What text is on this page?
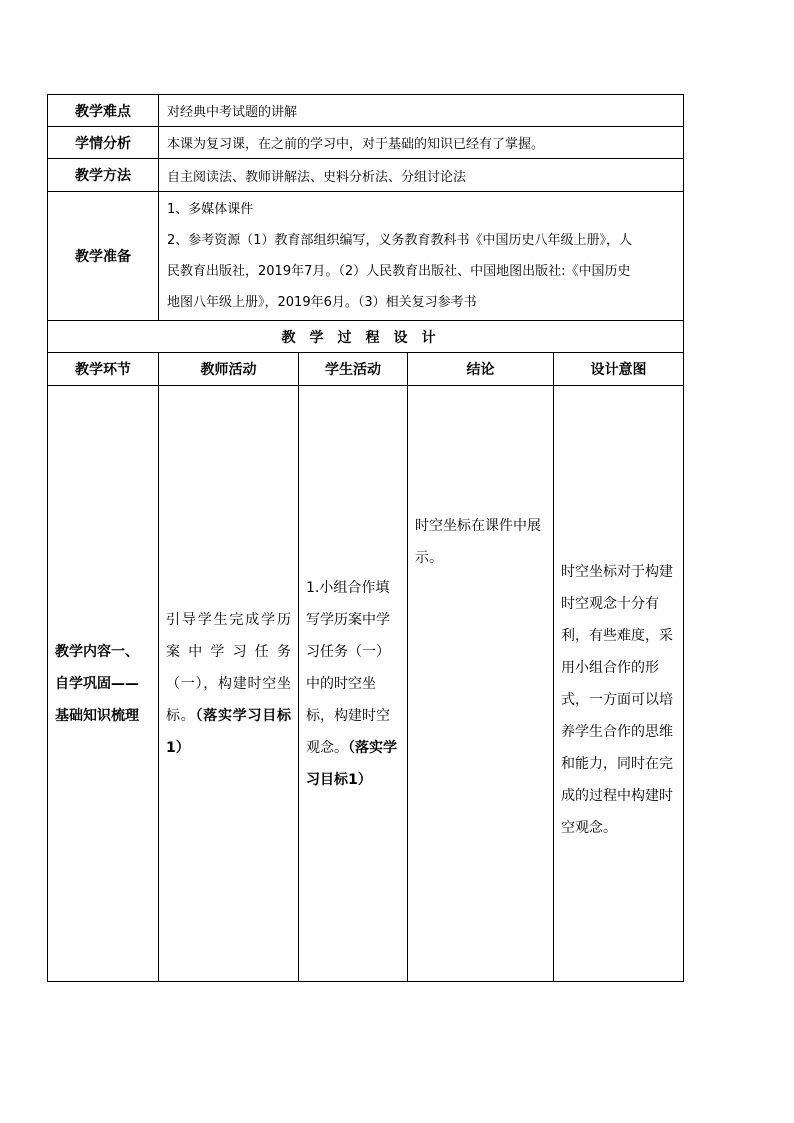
教学难点	对经典中考试题的讲解			
学情分析	本课为复习课，在之前的学习中，对于基础的知识已经有了掌握。			
教学方法	自主阅读法、教师讲解法、史料分析法、分组讨论法			
教学准备	1、多媒体课件

2、参考资源（1）教育部组织编写，义务教育教科书《中国历史八年级上册》，人

民教育出版社，2019年7月。（2）人民教育出版社、中国地图出版社:《中国历史

地图八年级上册》，2019年6月。（3）相关复习参考书			

教学过程设计				
教学环节	教师活动	学生活动	结论	设计意图

教学内容一、自学巩固——基础知识梳理	引导学生完成学历案中学习任务（一），构建时空坐标。（落实学习目标1）	1.小组合作填写学历案中学习任务（一）中的时空坐标，构建时空观念。（落实学习目标1）	时空坐标在课件中展示。	时空坐标对于构建时空观念十分有利，有些难度，采用小组合作的形式，一方面可以培养学生合作的思维和能力，同时在完成的过程中构建时空观念。
